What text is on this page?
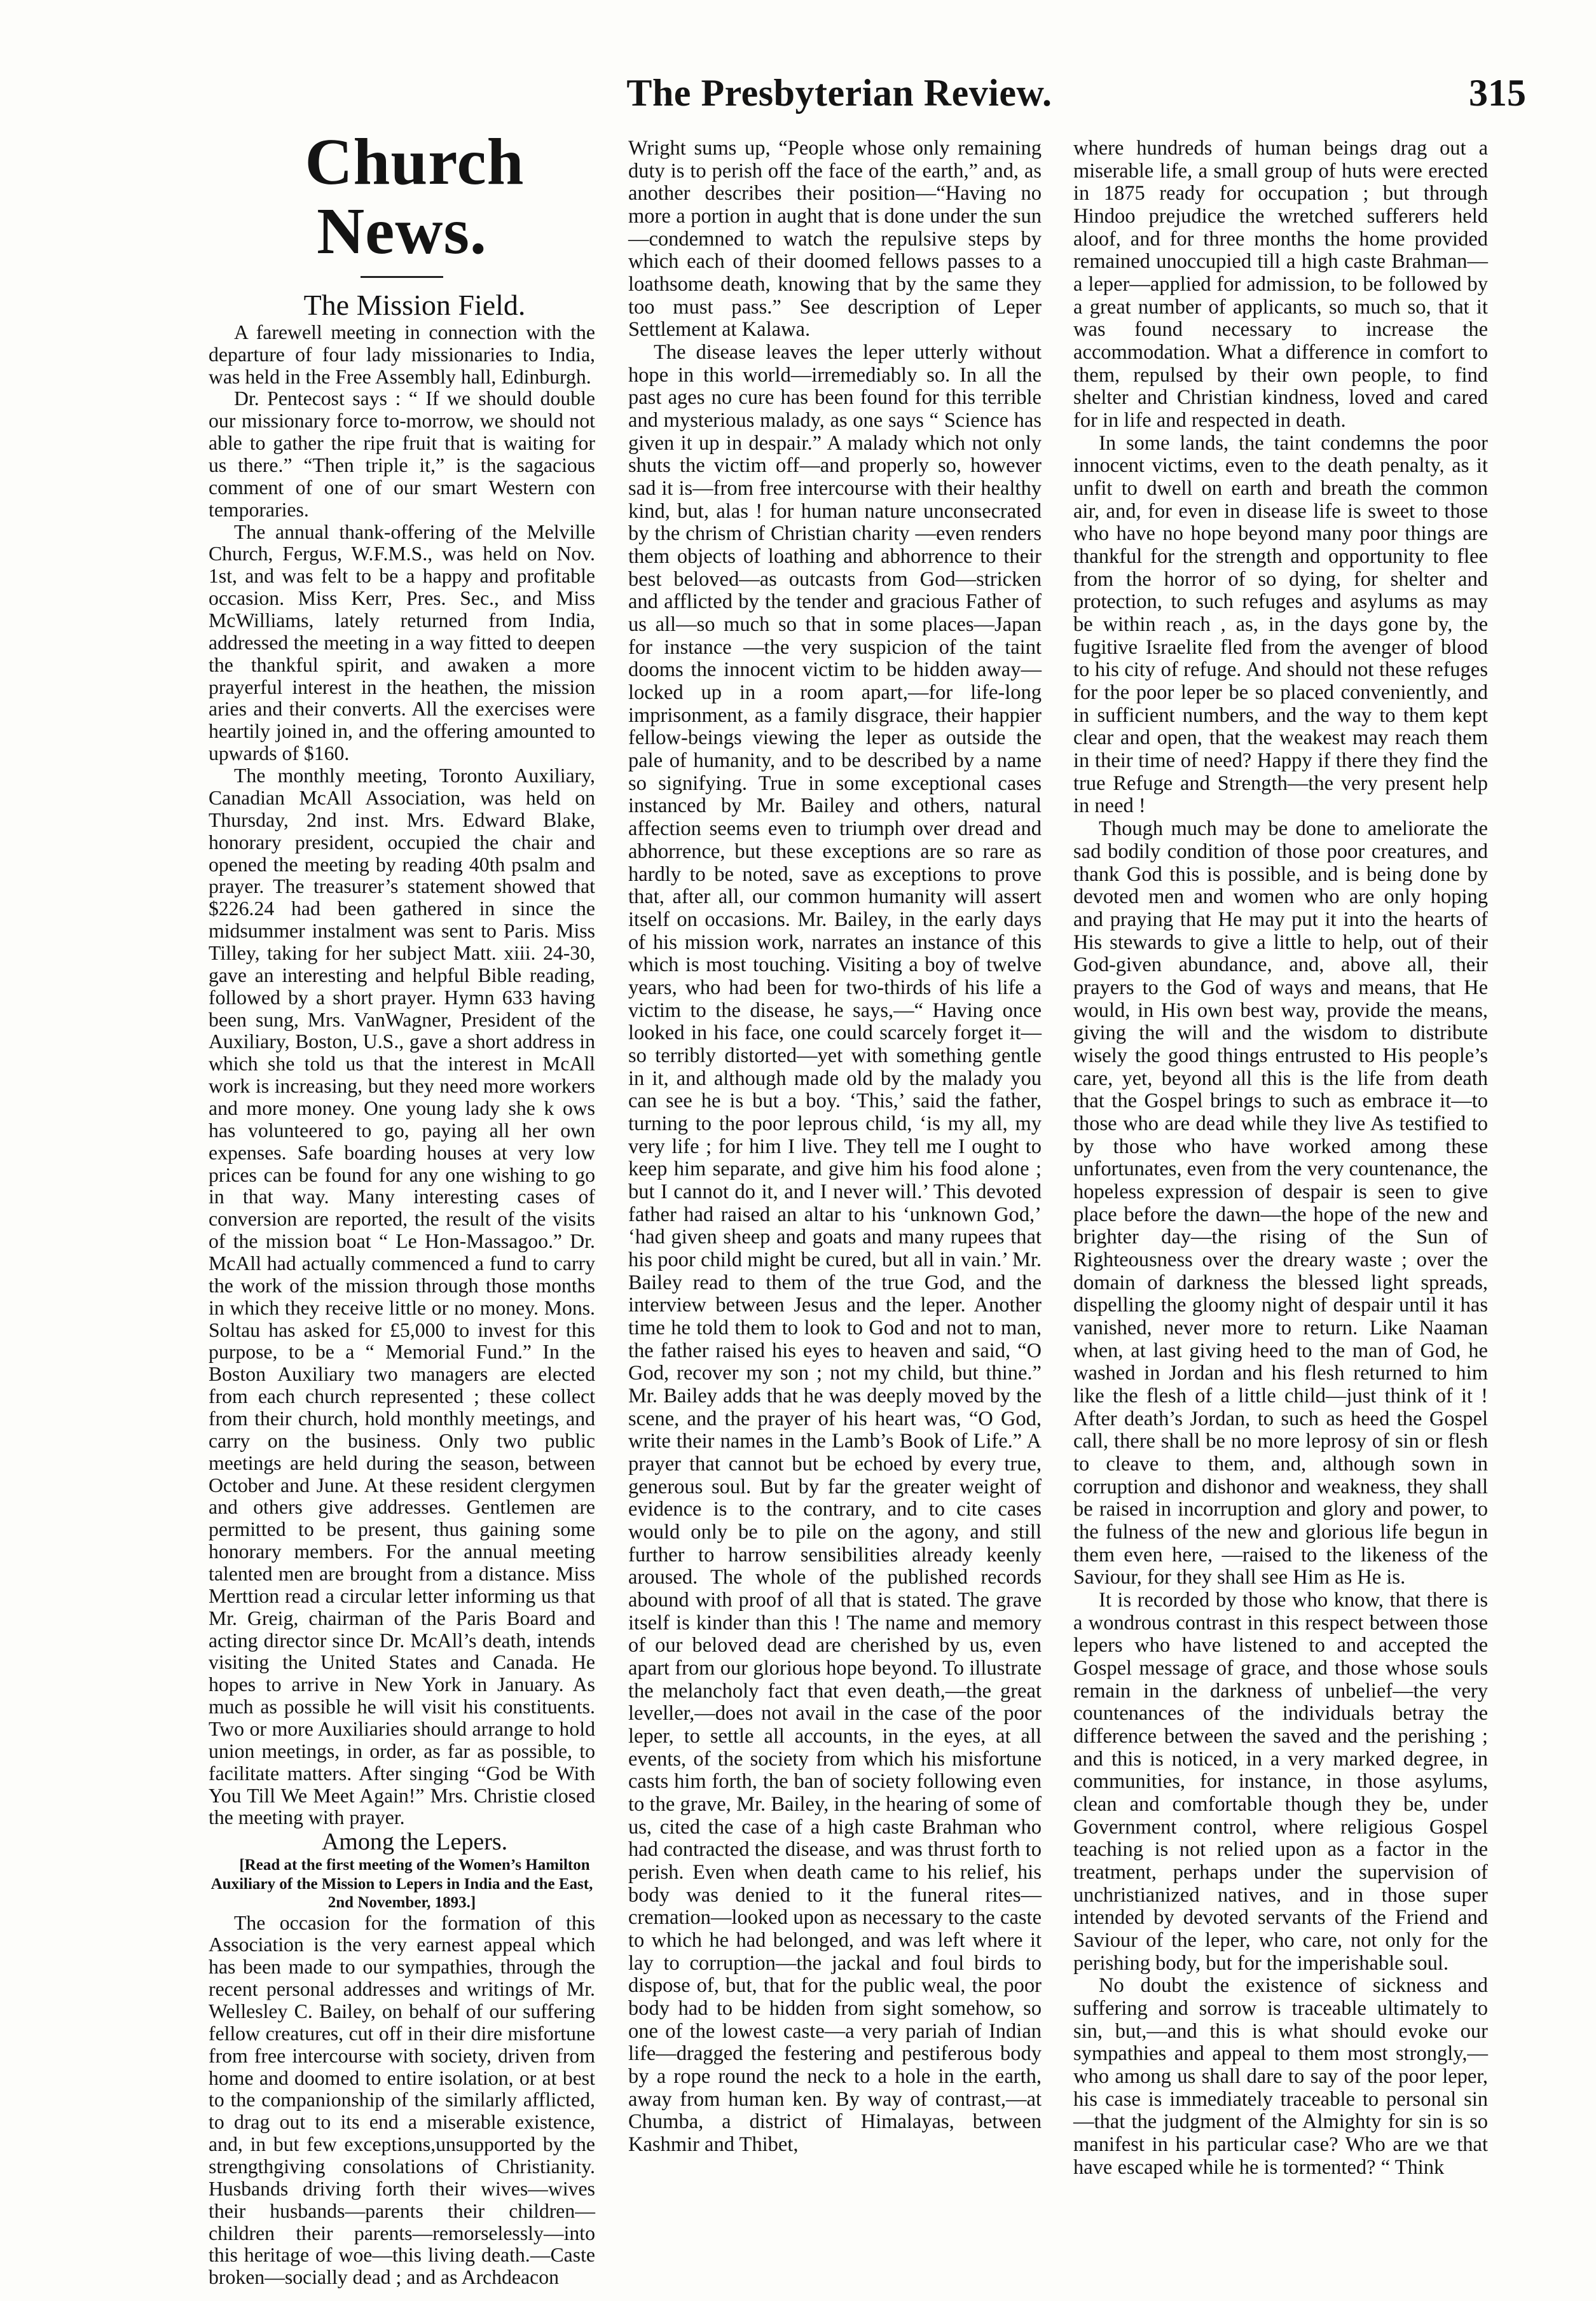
The Presbyterian Review.	315

Church News.

The Mission Field.

A farewell meeting in connection with the departure of four lady missionaries to India, was held in the Free Assembly hall, Edinburgh.

Dr. Pentecost says : “ If we should double our missionary force to-morrow, we should not able to gather the ripe fruit that is waiting for us there.” “Then triple it,” is the sagacious comment of one of our smart Western con temporaries.

The annual thank-offering of the Melville Church, Fergus, W.F.M.S., was held on Nov. 1st, and was felt to be a happy and profitable occasion. Miss Kerr, Pres. Sec., and Miss McWilliams, lately returned from India, addressed the meeting in a way fitted to deepen the thankful spirit, and awaken a more prayerful interest in the heathen, the mission aries and their converts. All the exercises were heartily joined in, and the offering amounted to upwards of $160.

The monthly meeting, Toronto Auxiliary, Canadian McAll Association, was held on Thursday, 2nd inst. Mrs. Edward Blake, honorary president, occupied the chair and opened the meeting by reading 40th psalm and prayer. The treasurer’s statement showed that $226.24 had been gathered in since the midsummer instalment was sent to Paris. Miss Tilley, taking for her subject Matt. xiii. 24-30, gave an interesting and helpful Bible reading, followed by a short prayer. Hymn 633 having been sung, Mrs. VanWagner, President of the Auxiliary, Boston, U.S., gave a short address in which she told us that the interest in McAll work is increasing, but they need more workers and more money. One young lady she k ows has volunteered to go, paying all her own expenses. Safe boarding houses at very low prices can be found for any one wishing to go in that way. Many interesting cases of conversion are reported, the result of the visits of the mission boat “ Le Hon-Massagoo.” Dr. McAll had actually commenced a fund to carry the work of the mission through those months in which they receive little or no money. Mons. Soltau has asked for £5,000 to invest for this purpose, to be a “ Memorial Fund.” In the Boston Auxiliary two managers are elected from each church represented ; these collect from their church, hold monthly meetings, and carry on the business. Only two public meetings are held during the season, between October and June. At these resident clergymen and others give addresses. Gentlemen are permitted to be present, thus gaining some honorary members. For the annual meeting talented men are brought from a distance. Miss Merttion read a circular letter informing us that Mr. Greig, chairman of the Paris Board and acting director since Dr. McAll’s death, intends visiting the United States and Canada. He hopes to arrive in New York in January. As much as possible he will visit his constituents. Two or more Auxiliaries should arrange to hold union meetings, in order, as far as possible, to facilitate matters. After singing “God be With You Till We Meet Again!” Mrs. Christie closed the meeting with prayer.

Among the Lepers.

[Read at the first meeting of the Women’s Hamilton Auxiliary of the Mission to Lepers in India and the East, 2nd November, 1893.]

The occasion for the formation of this Association is the very earnest appeal which has been made to our sympathies, through the recent personal addresses and writings of Mr. Wellesley C. Bailey, on behalf of our suffering fellow creatures, cut off in their dire misfortune from free intercourse with society, driven from home and doomed to entire isolation, or at best to the companionship of the similarly afflicted, to drag out to its end a miserable existence, and, in but few exceptions,unsupported by the strengthgiving consolations of Christianity. Husbands driving forth their wives—wives their husbands—parents their children—children their parents—remorselessly—into this heritage of woe—this living death.—Caste broken—socially dead ; and as Archdeacon

Wright sums up, “People whose only remaining duty is to perish off the face of the earth,” and, as another describes their position—“Having no more a portion in aught that is done under the sun—condemned to watch the repulsive steps by which each of their doomed fellows passes to a loathsome death, knowing that by the same they too must pass.” See description of Leper Settlement at Kalawa.

The disease leaves the leper utterly without hope in this world—irremediably so. In all the past ages no cure has been found for this terrible and mysterious malady, as one says “ Science has given it up in despair.” A malady which not only shuts the victim off—and properly so, however sad it is—from free intercourse with their healthy kind, but, alas ! for human nature unconsecrated by the chrism of Christian charity —even renders them objects of loathing and abhorrence to their best beloved—as outcasts from God—stricken and afflicted by the tender and gracious Father of us all—so much so that in some places—Japan for instance —the very suspicion of the taint dooms the innocent victim to be hidden away—locked up in a room apart,—for life-long imprisonment, as a family disgrace, their happier fellow-beings viewing the leper as outside the pale of humanity, and to be described by a name so signifying. True in some exceptional cases instanced by Mr. Bailey and others, natural affection seems even to triumph over dread and abhorrence, but these exceptions are so rare as hardly to be noted, save as exceptions to prove that, after all, our common humanity will assert itself on occasions. Mr. Bailey, in the early days of his mission work, narrates an instance of this which is most touching. Visiting a boy of twelve years, who had been for two-thirds of his life a victim to the disease, he says,—“ Having once looked in his face, one could scarcely forget it—so terribly distorted—yet with something gentle in it, and although made old by the malady you can see he is but a boy. ‘This,’ said the father, turning to the poor leprous child, ‘is my all, my very life ; for him I live. They tell me I ought to keep him separate, and give him his food alone ; but I cannot do it, and I never will.’ This devoted father had raised an altar to his ‘unknown God,’ ‘had given sheep and goats and many rupees that his poor child might be cured, but all in vain.’ Mr. Bailey read to them of the true God, and the interview between Jesus and the leper. Another time he told them to look to God and not to man, the father raised his eyes to heaven and said, “O God, recover my son ; not my child, but thine.” Mr. Bailey adds that he was deeply moved by the scene, and the prayer of his heart was, “O God, write their names in the Lamb’s Book of Life.” A prayer that cannot but be echoed by every true, generous soul. But by far the greater weight of evidence is to the contrary, and to cite cases would only be to pile on the agony, and still further to harrow sensibilities already keenly aroused. The whole of the published records abound with proof of all that is stated. The grave itself is kinder than this ! The name and memory of our beloved dead are cherished by us, even apart from our glorious hope beyond. To illustrate the melancholy fact that even death,—the great leveller,—does not avail in the case of the poor leper, to settle all accounts, in the eyes, at all events, of the society from which his misfortune casts him forth, the ban of society following even to the grave, Mr. Bailey, in the hearing of some of us, cited the case of a high caste Brahman who had contracted the disease, and was thrust forth to perish. Even when death came to his relief, his body was denied to it the funeral rites—cremation—looked upon as necessary to the caste to which he had belonged, and was left where it lay to corruption—the jackal and foul birds to dispose of, but, that for the public weal, the poor body had to be hidden from sight somehow, so one of the lowest caste—a very pariah of Indian life—dragged the festering and pestiferous body by a rope round the neck to a hole in the earth, away from human ken. By way of contrast,—at Chumba, a district of Himalayas, between Kashmir and Thibet,

where hundreds of human beings drag out a miserable life, a small group of huts were erected in 1875 ready for occupation ; but through Hindoo prejudice the wretched sufferers held aloof, and for three months the home provided remained unoccupied till a high caste Brahman—a leper—applied for admission, to be followed by a great number of applicants, so much so, that it was found necessary to increase the accommodation. What a difference in comfort to them, repulsed by their own people, to find shelter and Christian kindness, loved and cared for in life and respected in death.

In some lands, the taint condemns the poor innocent victims, even to the death penalty, as it unfit to dwell on earth and breath the common air, and, for even in disease life is sweet to those who have no hope beyond many poor things are thankful for the strength and opportunity to flee from the horror of so dying, for shelter and protection, to such refuges and asylums as may be within reach , as, in the days gone by, the fugitive Israelite fled from the avenger of blood to his city of refuge. And should not these refuges for the poor leper be so placed conveniently, and in sufficient numbers, and the way to them kept clear and open, that the weakest may reach them in their time of need? Happy if there they find the true Refuge and Strength—the very present help in need !

Though much may be done to ameliorate the sad bodily condition of those poor creatures, and thank God this is possible, and is being done by devoted men and women who are only hoping and praying that He may put it into the hearts of His stewards to give a little to help, out of their God-given abundance, and, above all, their prayers to the God of ways and means, that He would, in His own best way, provide the means, giving the will and the wisdom to distribute wisely the good things entrusted to His people’s care, yet, beyond all this is the life from death that the Gospel brings to such as embrace it—to those who are dead while they live As testified to by those who have worked among these unfortunates, even from the very countenance, the hopeless expression of despair is seen to give place before the dawn—the hope of the new and brighter day—the rising of the Sun of Righteousness over the dreary waste ; over the domain of darkness the blessed light spreads, dispelling the gloomy night of despair until it has vanished, never more to return. Like Naaman when, at last giving heed to the man of God, he washed in Jordan and his flesh returned to him like the flesh of a little child—just think of it ! After death’s Jordan, to such as heed the Gospel call, there shall be no more leprosy of sin or flesh to cleave to them, and, although sown in corruption and dishonor and weakness, they shall be raised in incorruption and glory and power, to the fulness of the new and glorious life begun in them even here, —raised to the likeness of the Saviour, for they shall see Him as He is.

It is recorded by those who know, that there is a wondrous contrast in this respect between those lepers who have listened to and accepted the Gospel message of grace, and those whose souls remain in the darkness of unbelief—the very countenances of the individuals betray the difference between the saved and the perishing ; and this is noticed, in a very marked degree, in communities, for instance, in those asylums, clean and comfortable though they be, under Government control, where religious Gospel teaching is not relied upon as a factor in the treatment, perhaps under the supervision of unchristianized natives, and in those super intended by devoted servants of the Friend and Saviour of the leper, who care, not only for the perishing body, but for the imperishable soul.

No doubt the existence of sickness and suffering and sorrow is traceable ultimately to sin, but,—and this is what should evoke our sympathies and appeal to them most strongly,—who among us shall dare to say of the poor leper, his case is immediately traceable to personal sin—that the judgment of the Almighty for sin is so manifest in his particular case? Who are we that have escaped while he is tormented? “ Think
